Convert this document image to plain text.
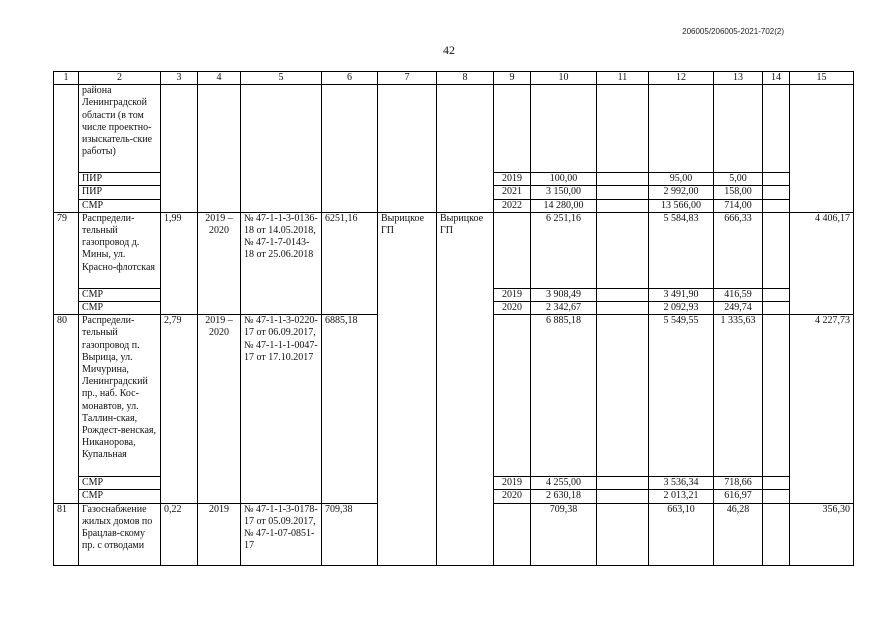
206005/206005-2021-702(2)
42
1	2	3	4	5	6	7	8	9	10	11	12	13	14	15
	района Ленинградской области (в том числе проектно-изыскатель-ские работы)													
	ПИР							2019	100,00		95,00	5,00		
	ПИР							2021	3 150,00		2 992,00	158,00		
	СМР							2022	14 280,00		13 566,00	714,00		
79	Распредели-тельный газопровод д. Мины, ул. Красно-флотская	1,99	2019 – 2020	№ 47-1-1-3-0136-18 от 14.05.2018, № 47-1-7-0143-18 от 25.06.2018	6251,16	Вырицкое ГП	Вырицкое ГП		6 251,16		5 584,83	666,33		4 406,17
	СМР							2019	3 908,49		3 491,90	416,59		
	СМР							2020	2 342,67		2 092,93	249,74		
80	Распредели-тельный газопровод п. Вырица, ул. Мичурина, Ленинградский пр., наб. Кос-монавтов, ул. Таллин-ская, Рождест-венская, Никанорова, Купальная	2,79	2019 – 2020	№ 47-1-1-3-0220-17 от 06.09.2017, № 47-1-1-1-0047-17 от 17.10.2017	6885,18				6 885,18		5 549,55	1 335,63		4 227,73
	СМР							2019	4 255,00		3 536,34	718,66		
	СМР							2020	2 630,18		2 013,21	616,97		
81	Газоснабжение жилых домов по Брацлав-скому пр. с отводами	0,22	2019	№ 47-1-1-3-0178-17 от 05.09.2017, № 47-1-07-0851-17	709,38				709,38		663,10	46,28		356,30
